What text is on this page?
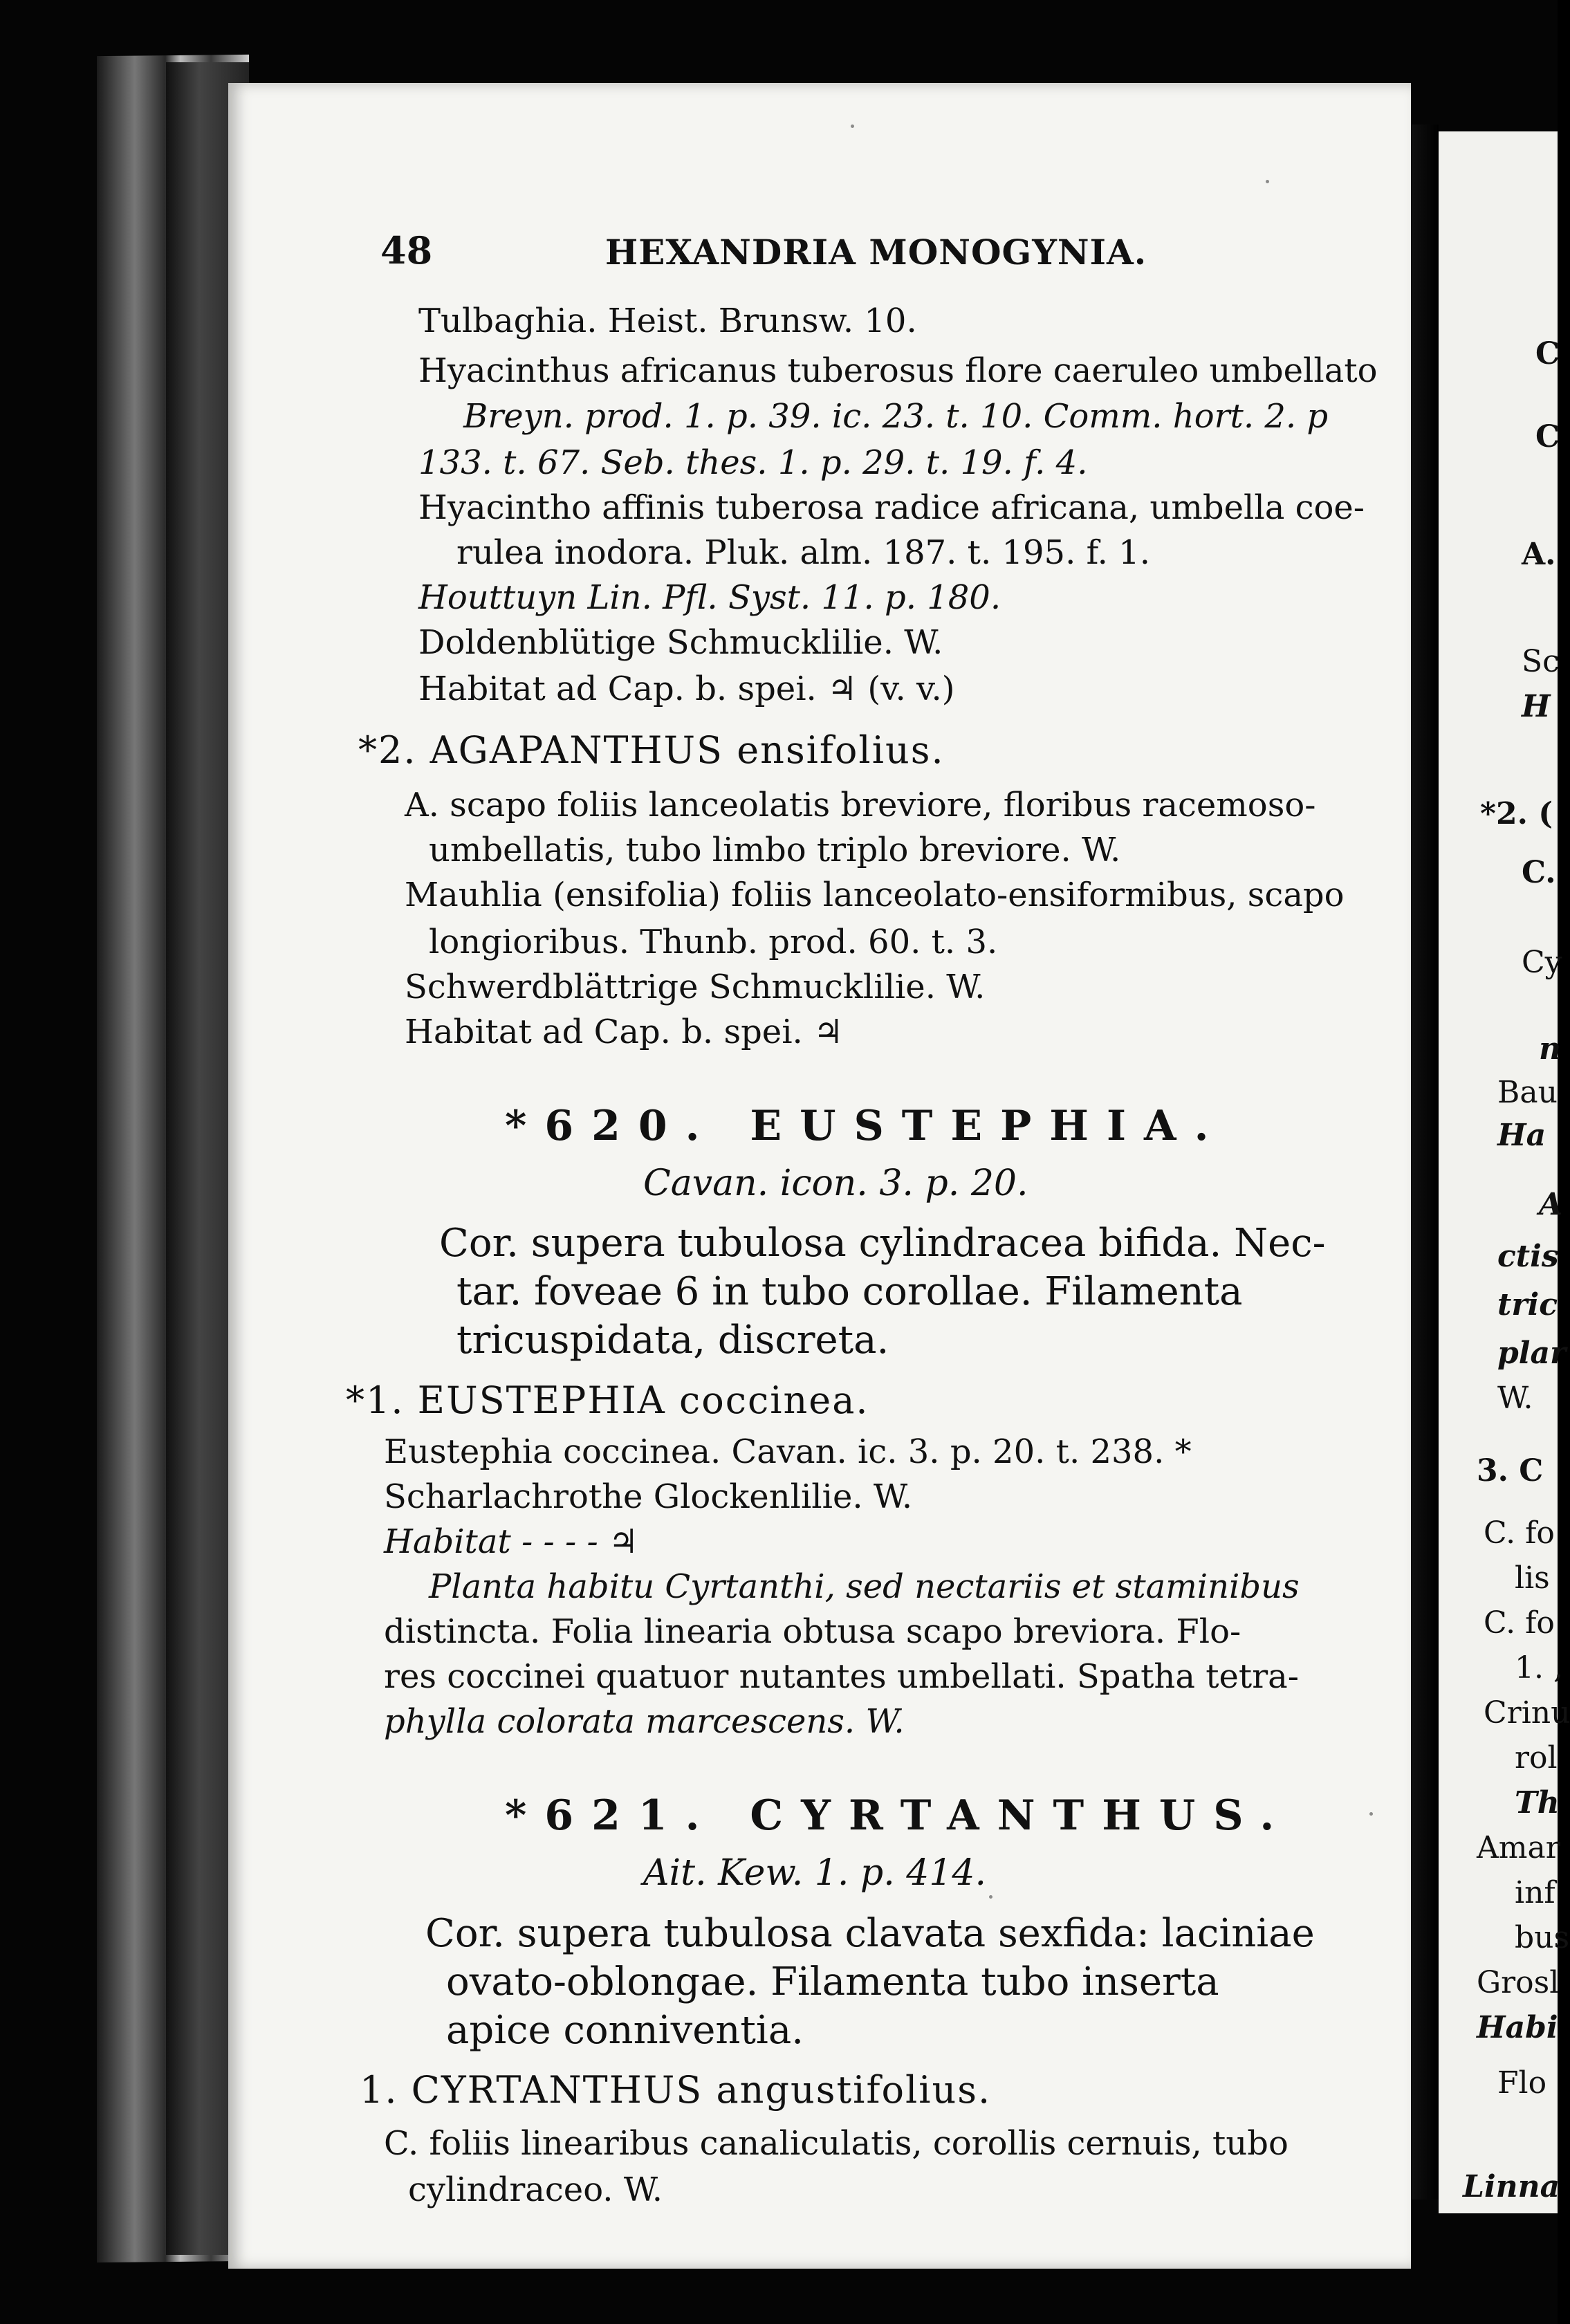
48	HEXANDRIA MONOGYNIA.
Tulbaghia. Heist. Brunsw. 10.
Hyacinthus africanus tuberosus flore caeruleo umbellato
Breyn. prod. 1. p. 39. ic. 23. t. 10. Comm. hort. 2. p
133. t. 67. Seb. thes. 1. p. 29. t. 19. f. 4.
Hyacintho affinis tuberosa radice africana, umbella coe-
rulea inodora. Pluk. alm. 187. t. 195. f. 1.
Houttuyn Lin. Pfl. Syst. 11. p. 180.
Doldenblütige Schmucklilie. W.
Habitat ad Cap. b. spei. ♃ (v. v.)
*2. AGAPANTHUS ensifolius.
A. scapo foliis lanceolatis breviore, floribus racemoso-
umbellatis, tubo limbo triplo breviore. W.
Mauhlia (ensifolia) foliis lanceolato-ensiformibus, scapo
longioribus. Thunb. prod. 60. t. 3.
Schwerdblättrige Schmucklilie. W.
Habitat ad Cap. b. spei. ♃
*620. EUSTEPHIA.
Cavan. icon. 3. p. 20.
Cor. supera tubulosa cylindracea bifida. Nec-
tar. foveae 6 in tubo corollae. Filamenta
tricuspidata, discreta.
*1. EUSTEPHIA coccinea.
Eustephia coccinea. Cavan. ic. 3. p. 20. t. 238. *
Scharlachrothe Glockenlilie. W.
Habitat - - - - ♃
Planta habitu Cyrtanthi, sed nectariis et staminibus
distincta. Folia linearia obtusa scapo breviora. Flo-
res coccinei quatuor nutantes umbellati. Spatha tetra-
phylla colorata marcescens. W.
*621. CYRTANTHUS.
Ait. Kew. 1. p. 414.
Cor. supera tubulosa clavata sexfida: laciniae
ovato-oblongae. Filamenta tubo inserta
apice conniventia.
1. CYRTANTHUS angustifolius.
C. foliis linearibus canaliculatis, corollis cernuis, tubo
cylindraceo. W.
C
C
A.
Sc
H
*2. (
C.
Cy
n
Bau
Ha
A
ctis
tric
plar
W.
3. C
C. fo
lis
C. fo
1. ,
Crinu
rol
Th
Amar
inf
bus
Grosl
Habi
Flo
Linna
